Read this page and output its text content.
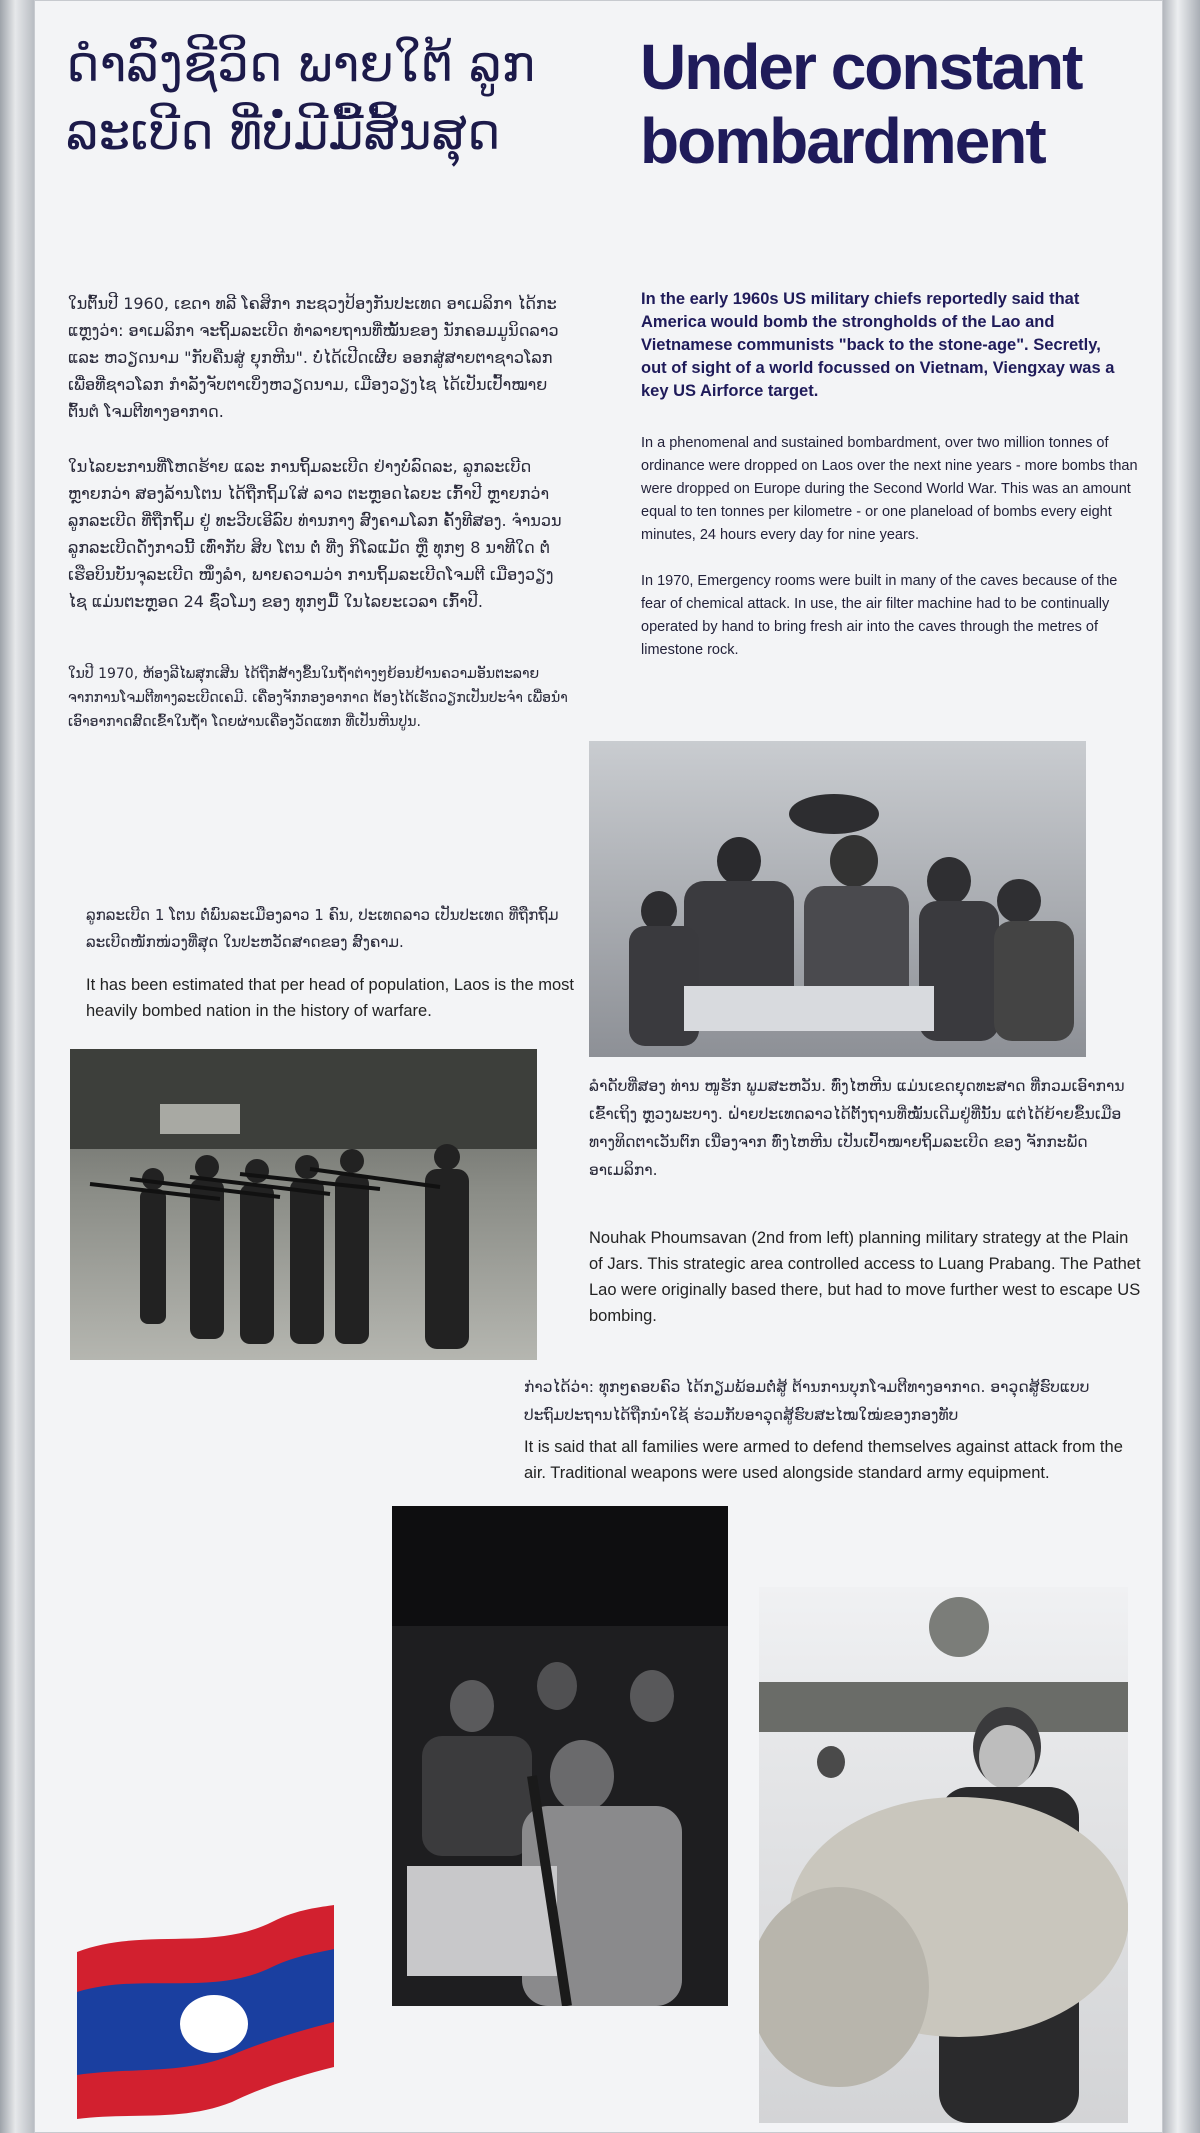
ດຳລົງຊີວິດ ພາຍໃຕ້ ລູກລະເບີດ ທີ່ບໍ່ມີມື້ສິ້ນສຸດ
Under constant bombardment
ໃນຕົ້ນປີ 1960, ເຂດາ ທລີ ໂຄສິກາ ກະຊວງປ້ອງກັນປະເທດ ອາເມລິກາ ໄດ້ກະແຫຼງວ່າ: ອາເມລິກາ ຈະຖິ້ມລະເບີດ ທຳລາຍຖານທີ່ໝັ້ນຂອງ ນັກຄອມມູນິດລາວ ແລະ ຫວຽດນາມ "ກັບຄືນສູ່ ຍຸກຫີນ". ບໍ່ໄດ້ເປີດເຜີຍ ອອກສູ່ສາຍຕາຊາວໂລກ ເພື່ອທີ່ຊາວໂລກ ກຳລັງຈັບຕາເບິ່ງຫວຽດນາມ, ເມືອງວຽງໄຊ ໄດ້ເປັນເປົ້າໝາຍຕົ້ນຕໍ ໂຈມຕີທາງອາກາດ.
ໃນໄລຍະການທີ່ໂຫດຮ້າຍ ແລະ ການຖິ້ມລະເບີດ ຢ່າງບໍ່ລົດລະ, ລູກລະເບີດ ຫຼາຍກວ່າ ສອງລ້ານໂຕນ ໄດ້ຖືກຖິ້ມໃສ່ ລາວ ຕະຫຼອດໄລຍະ ເກົ້າປີ ຫຼາຍກວ່າລູກລະເບີດ ທີ່ຖືກຖິ້ມ ຢູ່ ທະວີບເອີລົບ ທ່ານກາງ ສົງຄາມໂລກ ຄັ້ງທີສອງ. ຈຳນວນລູກລະເບີດດັ່ງກາວນີ້ ເທົ່າກັບ ສິບ ໂຕນ ຕໍ່ ທີ່ງ ກິໂລແມັດ ຫຼື ທຸກໆ 8 ນາທີໃດ ຕໍ່ ເຮືອບິນບັນຈຸລະເບີດ ໜຶ່ງລຳ, ພາຍຄວາມວ່າ ການຖິ້ມລະເບີດໂຈມຕີ ເມືອງວຽງໄຊ ແມ່ນຕະຫຼອດ 24 ຊົ່ວໂມງ ຂອງ ທຸກໆມື້ ໃນໄລຍະເວລາ ເກົ້າປີ.
ໃນປີ 1970, ຫ້ອງລີໄພສຸກເສີນ ໄດ້ຖືກສ້າງຂຶ້ນໃນຖ້ຳຕ່າງໆຍ້ອນຢ້ານຄວາມອັນຕະລາຍ ຈາກການໂຈມຕີທາງລະເບີດເຄມີ. ເຄື່ອງຈັກກອງອາກາດ ຕ້ອງໄດ້ເຮັດວຽກເປັນປະຈຳ ເພື່ອນຳເອົາອາກາດສົດເຂົ້າໃນຖ້ຳ ໂດຍຜ່ານເຄື່ອງວັດແທກ ທີ່ເປັນຫີນປູນ.
In the early 1960s US military chiefs reportedly said that America would bomb the strongholds of the Lao and Vietnamese communists "back to the stone-age". Secretly, out of sight of a world focussed on Vietnam, Viengxay was a key US Airforce target.
In a phenomenal and sustained bombardment, over two million tonnes of ordinance were dropped on Laos over the next nine years - more bombs than were dropped on Europe during the Second World War. This was an amount equal to ten tonnes per kilometre - or one planeload of bombs every eight minutes, 24 hours every day for nine years.
In 1970, Emergency rooms were built in many of the caves because of the fear of chemical attack. In use, the air filter machine had to be continually operated by hand to bring fresh air into the caves through the metres of limestone rock.
ລູກລະເບີດ 1 ໂຕນ ຕໍ່ພົນລະເມືອງລາວ 1 ຄົນ, ປະເທດລາວ ເປັນປະເທດ ທີ່ຖືກຖິ້ມລະເບີດໜັກໜ່ວງທີ່ສຸດ ໃນປະຫວັດສາດຂອງ ສົງຄາມ.
It has been estimated that per head of population, Laos is the most heavily bombed nation in the history of warfare.
ລຳດັບທີ່ສອງ ທ່ານ ໜູຮັກ ພູມສະຫວັນ. ທົ່ງໄຫຫີນ ແມ່ນເຂດຍຸດທະສາດ ທີ່ກວມເອົາການເຂົ້າເຖິງ ຫຼວງພະບາງ. ຝ່າຍປະເທດລາວໄດ້ຕັ້ງຖານທີ່ໝັ້ນເດີມຢູ່ທີ່ນັ້ນ ແຕ່ໄດ້ຍ້າຍຂຶ້ນເມືອ ທາງທິດຕາເວັນຕົກ ເນື່ອງຈາກ ທົ່ງໄຫຫີນ ເປັນເປົ້າໝາຍຖິ້ມລະເບີດ ຂອງ ຈັກກະພັດອາເມລິກາ.
Nouhak Phoumsavan (2nd from left) planning military strategy at the Plain of Jars. This strategic area controlled access to Luang Prabang. The Pathet Lao were originally based there, but had to move further west to escape US bombing.
ກ່າວໄດ້ວ່າ: ທຸກໆຄອບຄົວ ໄດ້ກຽມພ້ອມຕໍ່ສູ້ ຕ້ານການບຸກໂຈມຕີທາງອາກາດ. ອາວຸດສູ້ຮົບແບບປະຖົມປະຖານໄດ້ຖືກນຳໃຊ້ ຮ່ວມກັບອາວຸດສູ້ຮົບສະໄໝໃໝ່ຂອງກອງທັບ
It is said that all families were armed to defend themselves against attack from the air. Traditional weapons were used alongside standard army equipment.
